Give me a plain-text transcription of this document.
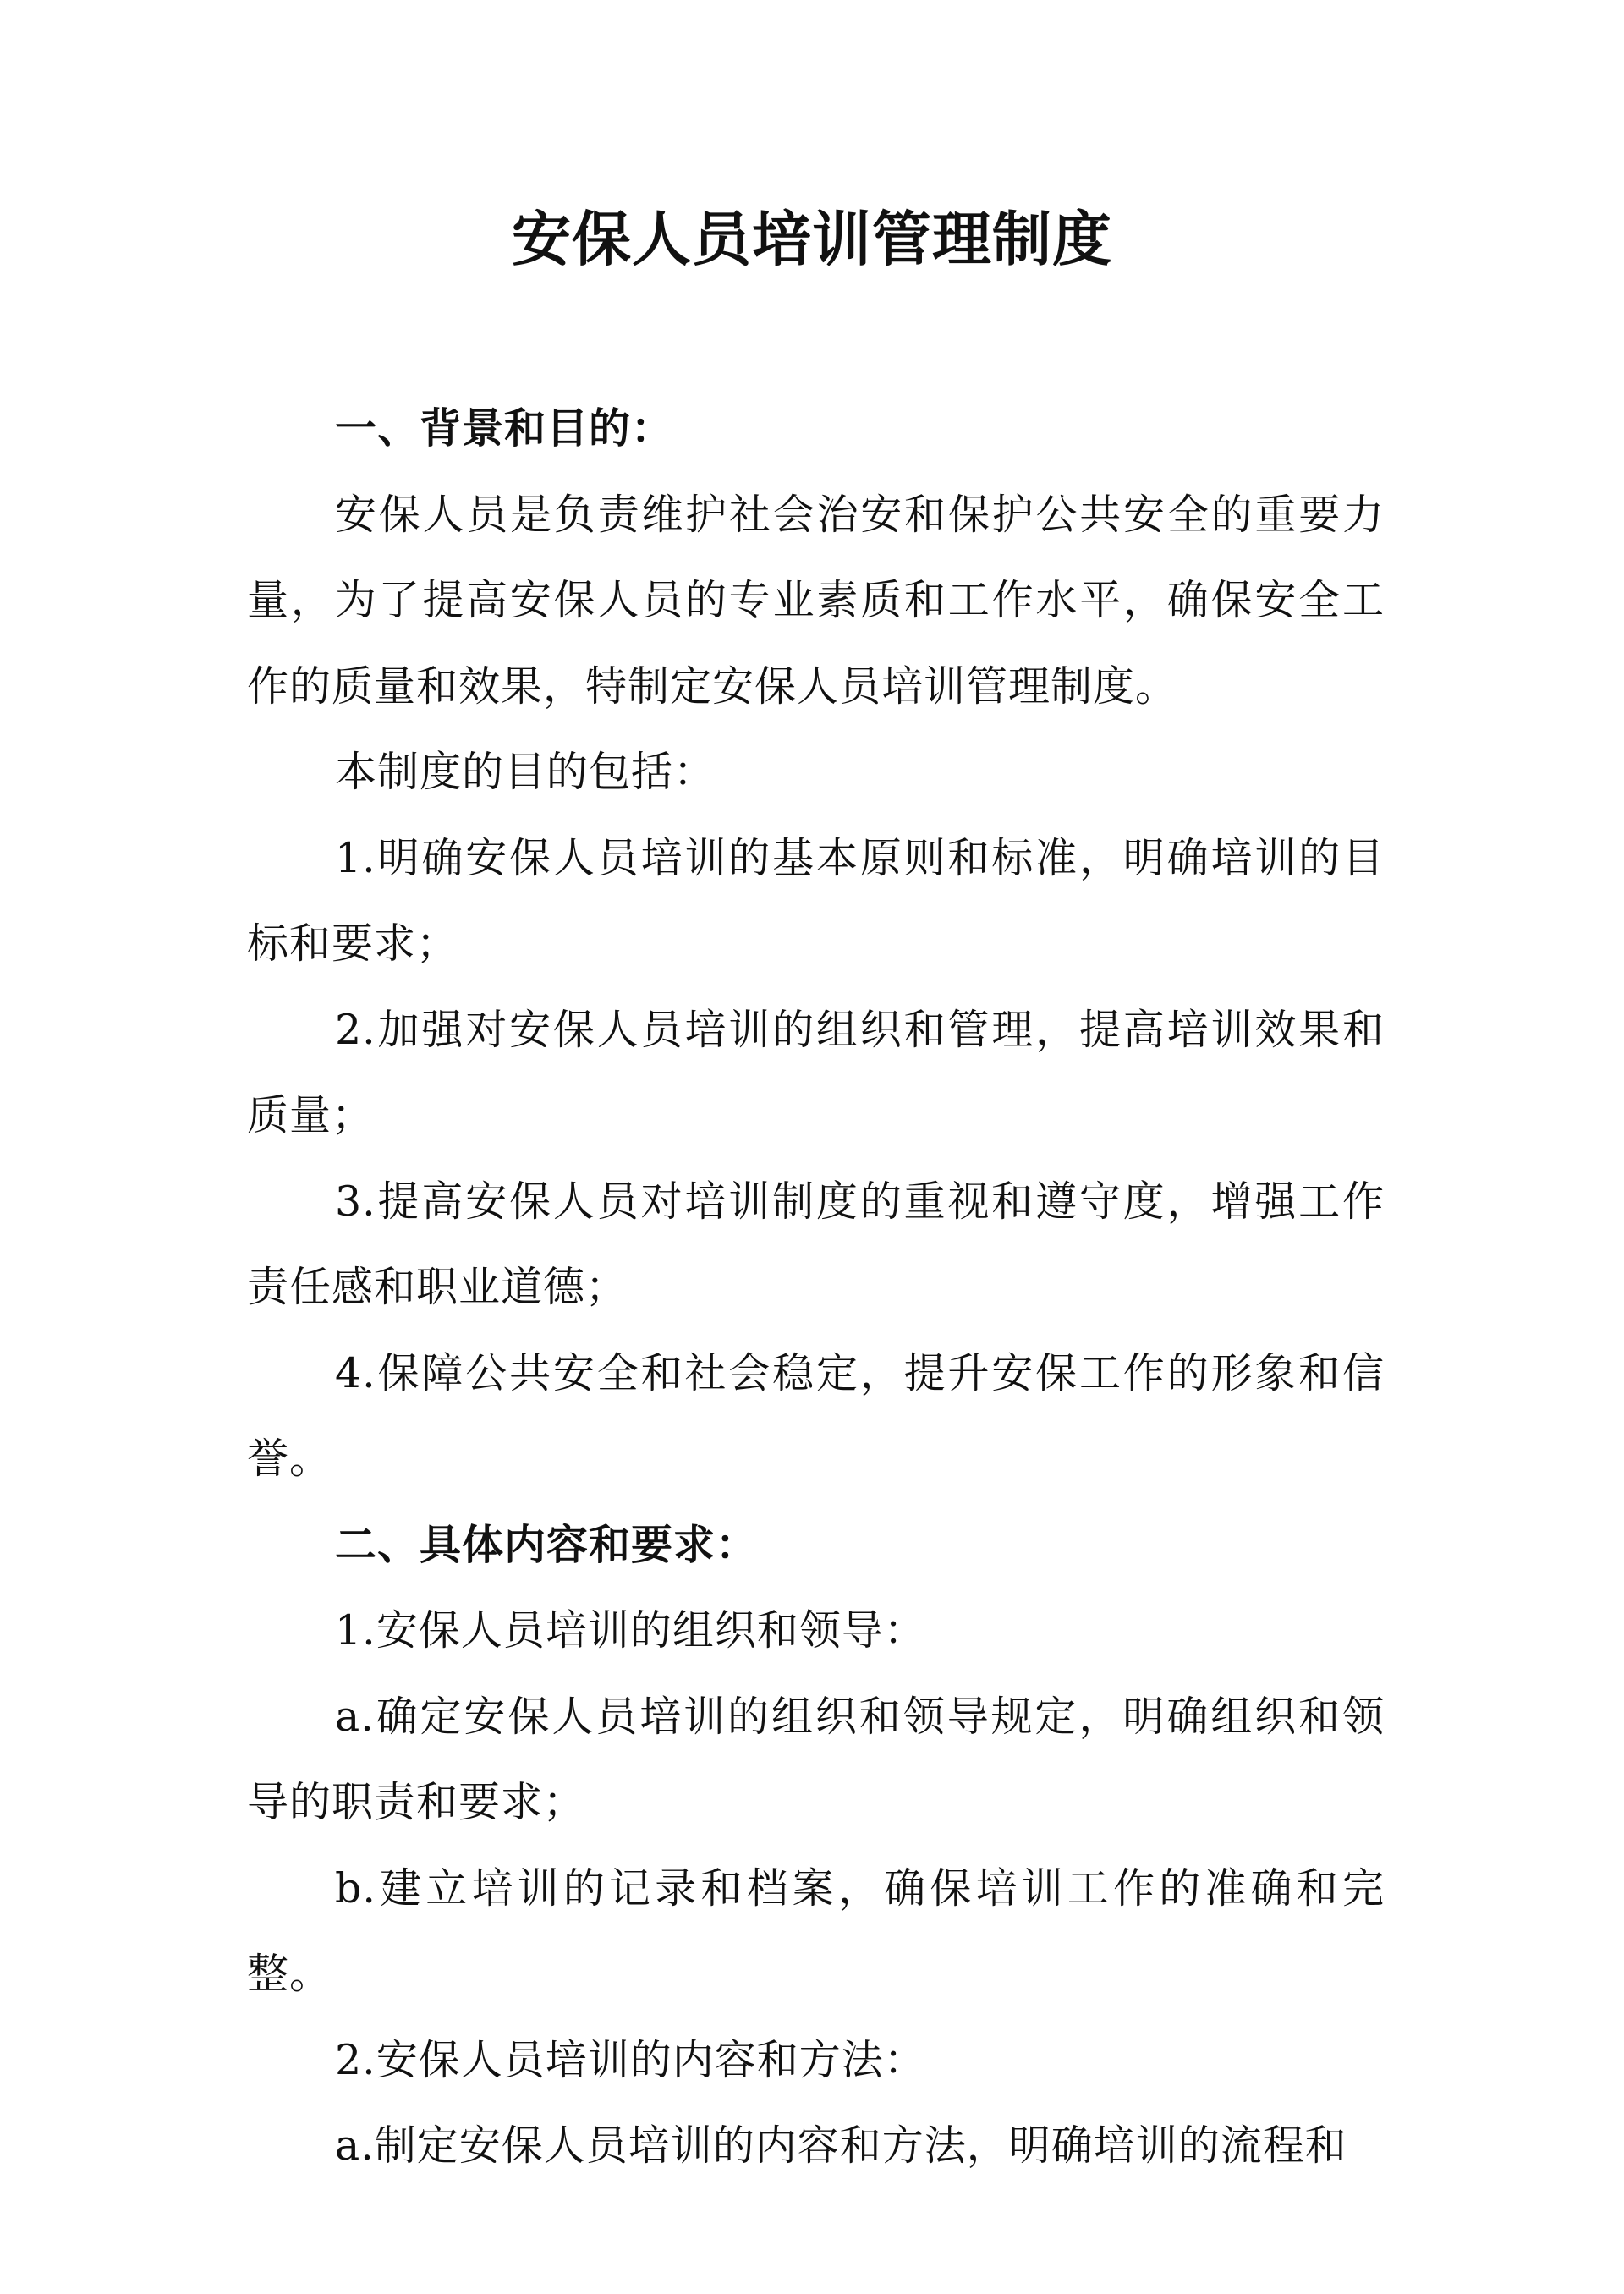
安保人员培训管理制度

一、背景和目的：

安保人员是负责维护社会治安和保护公共安全的重要力量，为了提高安保人员的专业素质和工作水平，确保安全工作的质量和效果，特制定安保人员培训管理制度。

本制度的目的包括：

1.明确安保人员培训的基本原则和标准，明确培训的目标和要求；

2.加强对安保人员培训的组织和管理，提高培训效果和质量；

3.提高安保人员对培训制度的重视和遵守度，增强工作责任感和职业道德；

4.保障公共安全和社会稳定，提升安保工作的形象和信誉。

二、具体内容和要求：

1.安保人员培训的组织和领导：

a.确定安保人员培训的组织和领导规定，明确组织和领导的职责和要求；

b.建立培训的记录和档案，确保培训工作的准确和完整。

2.安保人员培训的内容和方法：

a.制定安保人员培训的内容和方法，明确培训的流程和
